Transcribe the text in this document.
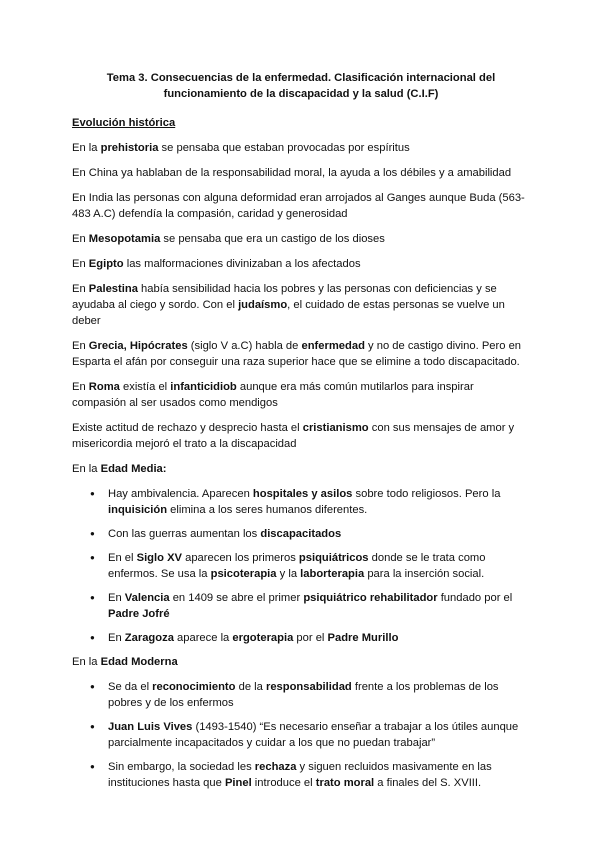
Tema 3. Consecuencias de la enfermedad. Clasificación internacional del
funcionamiento de la discapacidad y la salud (C.I.F)
Evolución histórica

En la prehistoria se pensaba que estaban provocadas por espíritus

En China ya hablaban de la responsabilidad moral, la ayuda a los débiles y a amabilidad

En India las personas con alguna deformidad eran arrojados al Ganges aunque Buda (563-483 A.C) defendía la compasión, caridad y generosidad

En Mesopotamia se pensaba que era un castigo de los dioses

En Egipto las malformaciones divinizaban a los afectados

En Palestina había sensibilidad hacia los pobres y las personas con deficiencias y se ayudaba al ciego y sordo. Con el judaísmo, el cuidado de estas personas se vuelve un deber

En Grecia, Hipócrates (siglo V a.C) habla de enfermedad y no de castigo divino. Pero en Esparta el afán por conseguir una raza superior hace que se elimine a todo discapacitado.

En Roma existía el infanticidiob aunque era más común mutilarlos para inspirar compasión al ser usados como mendigos

Existe actitud de rechazo y desprecio hasta el cristianismo con sus mensajes de amor y misericordia mejoró el trato a la discapacidad

En la Edad Media:

● Hay ambivalencia. Aparecen hospitales y asilos sobre todo religiosos. Pero la inquisición elimina a los seres humanos diferentes.
● Con las guerras aumentan los discapacitados
● En el Siglo XV aparecen los primeros psiquiátricos donde se le trata como enfermos. Se usa la psicoterapia y la laborterapia para la inserción social.
● En Valencia en 1409 se abre el primer psiquiátrico rehabilitador fundado por el Padre Jofré
● En Zaragoza aparece la ergoterapia por el Padre Murillo

En la Edad Moderna

● Se da el reconocimiento de la responsabilidad frente a los problemas de los pobres y de los enfermos
● Juan Luis Vives (1493-1540) “Es necesario enseñar a trabajar a los útiles aunque parcialmente incapacitados y cuidar a los que no puedan trabajar”
● Sin embargo, la sociedad les rechaza y siguen recluidos masivamente en las instituciones hasta que Pinel introduce el trato moral a finales del S. XVIII.
